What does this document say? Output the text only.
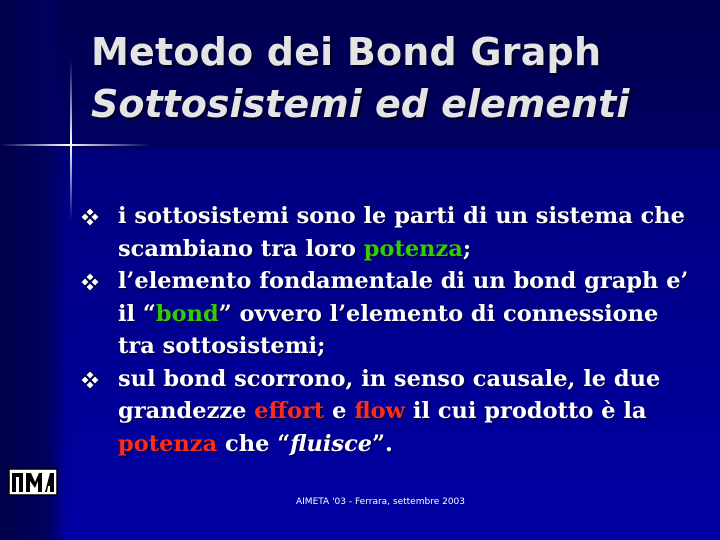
Metodo dei Bond Graph
Sottosistemi ed elementi
i sottosistemi sono le parti di un sistema che scambiano tra loro potenza;
l’elemento fondamentale di un bond graph e’ il “bond” ovvero l’elemento di connessione tra sottosistemi;
sul bond scorrono, in senso causale, le due grandezze effort e flow il cui prodotto è la potenza che “fluisce”.
AIMETA '03 - Ferrara, settembre 2003
